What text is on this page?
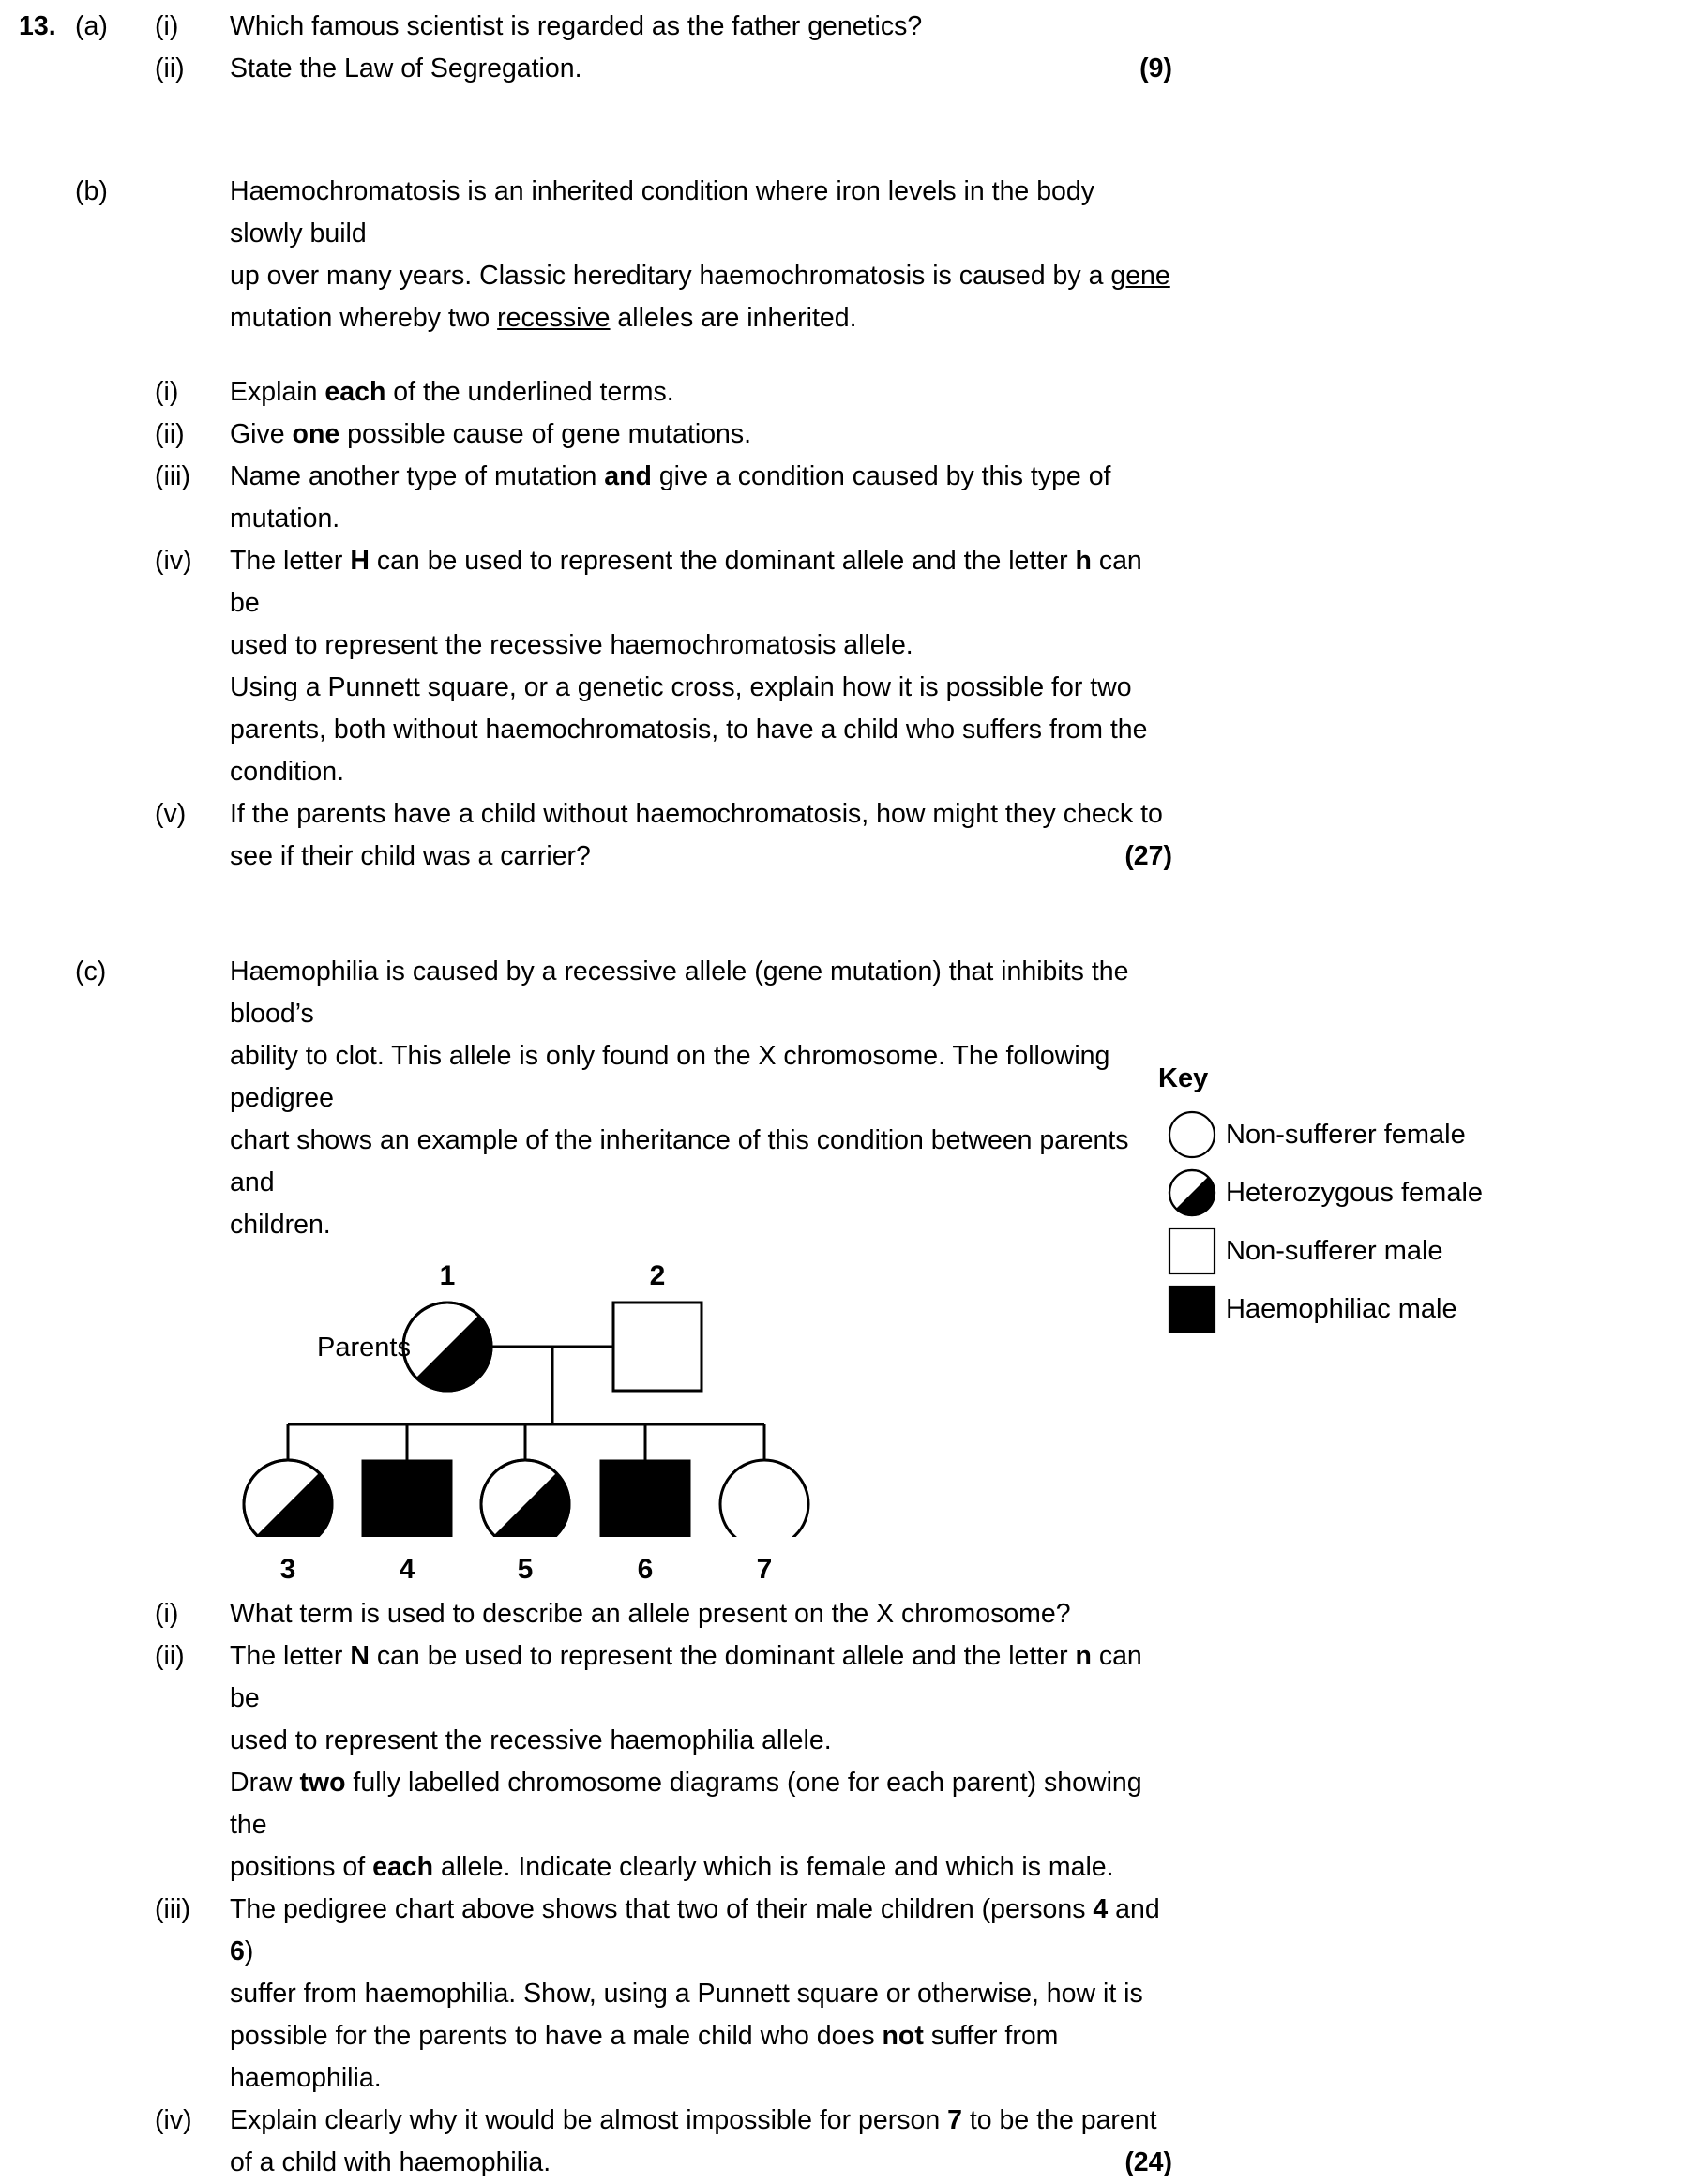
13. (a)	(i)	Which famous scientist is regarded as the father genetics?
(ii)	State the Law of Segregation.	(9)
(b)	Haemochromatosis is an inherited condition where iron levels in the body slowly build

up over many years. Classic hereditary haemochromatosis is caused by a gene

mutation whereby two recessive alleles are inherited.

(i)	Explain each of the underlined terms.
(ii)	Give one possible cause of gene mutations.
(iii)	Name another type of mutation and give a condition caused by this type of mutation.
(iv)	The letter H can be used to represent the dominant allele and the letter h can be

used to represent the recessive haemochromatosis allele.

Using a Punnett square, or a genetic cross, explain how it is possible for two

parents, both without haemochromatosis, to have a child who suffers from the

condition.

(v)	If the parents have a child without haemochromatosis, how might they check to

see if their child was a carrier?	(27)
(c)	Haemophilia is caused by a recessive allele (gene mutation) that inhibits the blood’s

ability to clot. This allele is only found on the X chromosome. The following pedigree

chart shows an example of the inheritance of this condition between parents and

children.

Parents
1	2
3	4	5	6	7
(i)	What term is used to describe an allele present on the X chromosome?
(ii)	The letter N can be used to represent the dominant allele and the letter n can be

used to represent the recessive haemophilia allele.

Draw two fully labelled chromosome diagrams (one for each parent) showing the

positions of each allele. Indicate clearly which is female and which is male.

(iii)	The pedigree chart above shows that two of their male children (persons 4 and 6)

suffer from haemophilia. Show, using a Punnett square or otherwise, how it is

possible for the parents to have a male child who does not suffer from

haemophilia.

(iv)	Explain clearly why it would be almost impossible for person 7 to be the parent

of a child with haemophilia.	(24)
Key
Non-sufferer female
Heterozygous female
Non-sufferer male
Haemophiliac male
